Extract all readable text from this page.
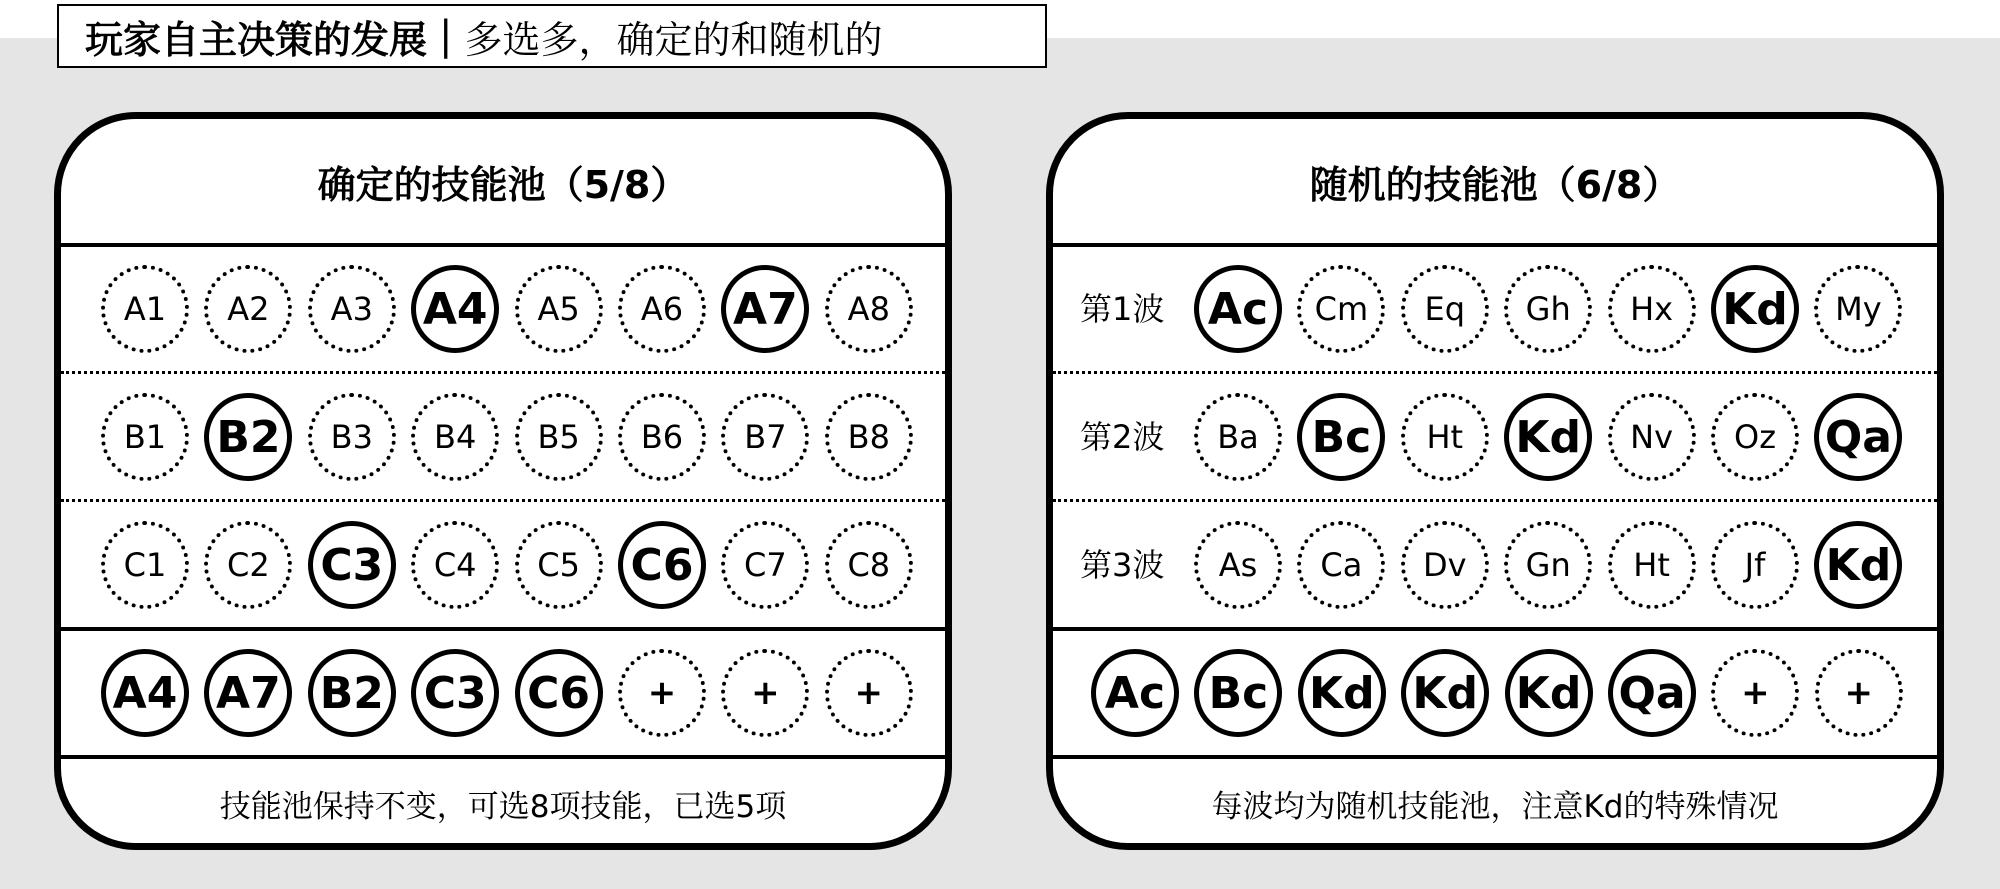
玩家自主决策的发展 | 多选多，确定的和随机的
确定的技能池（5/8）
技能池保持不变，可选8项技能，已选5项
A1	A2	A3	A4	A5	A6	A7	A8
B1	B2	B3	B4	B5	B6	B7	B8
C1	C2	C3	C4	C5	C6	C7	C8
A4 A7 B2 C3 C6	+	+	+
随机的技能池（6/8）
每波均为随机技能池，注意Kd的特殊情况
第1波 Ac	Cm	Eq	Gh	Hx	Kd	My
第2波	Ba	Bc	Ht	Kd	Nv	Oz	Qa
第3波	As	Ca	Dv	Gn	Ht	Jf	Kd
Ac Bc Kd Kd Kd Qa	+	+
